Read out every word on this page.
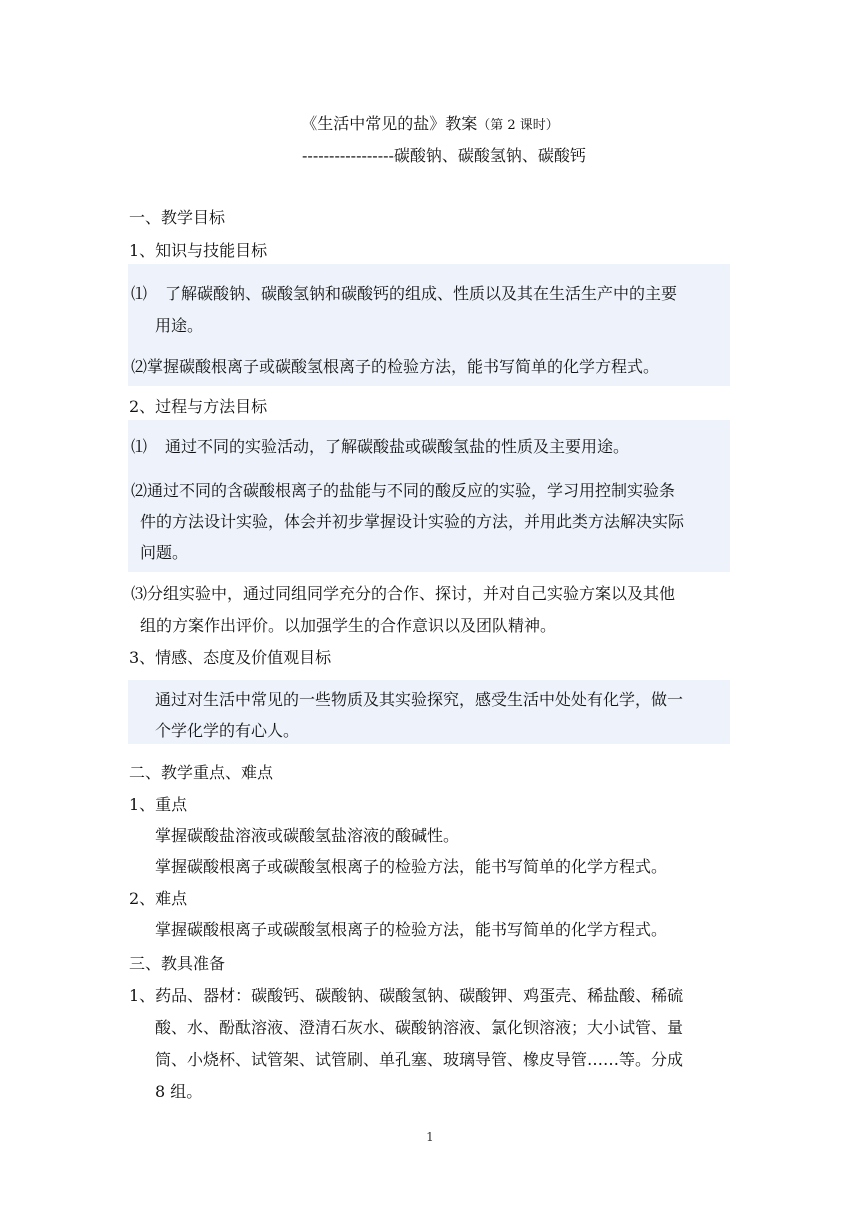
《生活中常见的盐》教案（第 2 课时）
-----------------碳酸钠、碳酸氢钠、碳酸钙
一、教学目标
1、知识与技能目标
⑴ 了解碳酸钠、碳酸氢钠和碳酸钙的组成、性质以及其在生活生产中的主要
用途。
⑵掌握碳酸根离子或碳酸氢根离子的检验方法，能书写简单的化学方程式。
2、过程与方法目标
⑴ 通过不同的实验活动，了解碳酸盐或碳酸氢盐的性质及主要用途。
⑵通过不同的含碳酸根离子的盐能与不同的酸反应的实验，学习用控制实验条
件的方法设计实验，体会并初步掌握设计实验的方法，并用此类方法解决实际
问题。
⑶分组实验中，通过同组同学充分的合作、探讨，并对自己实验方案以及其他
组的方案作出评价。以加强学生的合作意识以及团队精神。
3、情感、态度及价值观目标
通过对生活中常见的一些物质及其实验探究，感受生活中处处有化学，做一
个学化学的有心人。
二、教学重点、难点
1、重点
掌握碳酸盐溶液或碳酸氢盐溶液的酸碱性。
掌握碳酸根离子或碳酸氢根离子的检验方法，能书写简单的化学方程式。
2、难点
掌握碳酸根离子或碳酸氢根离子的检验方法，能书写简单的化学方程式。
三、教具准备
1、药品、器材：碳酸钙、碳酸钠、碳酸氢钠、碳酸钾、鸡蛋壳、稀盐酸、稀硫
酸、水、酚酞溶液、澄清石灰水、碳酸钠溶液、氯化钡溶液；大小试管、量
筒、小烧杯、试管架、试管刷、单孔塞、玻璃导管、橡皮导管……等。分成
8 组。
1
